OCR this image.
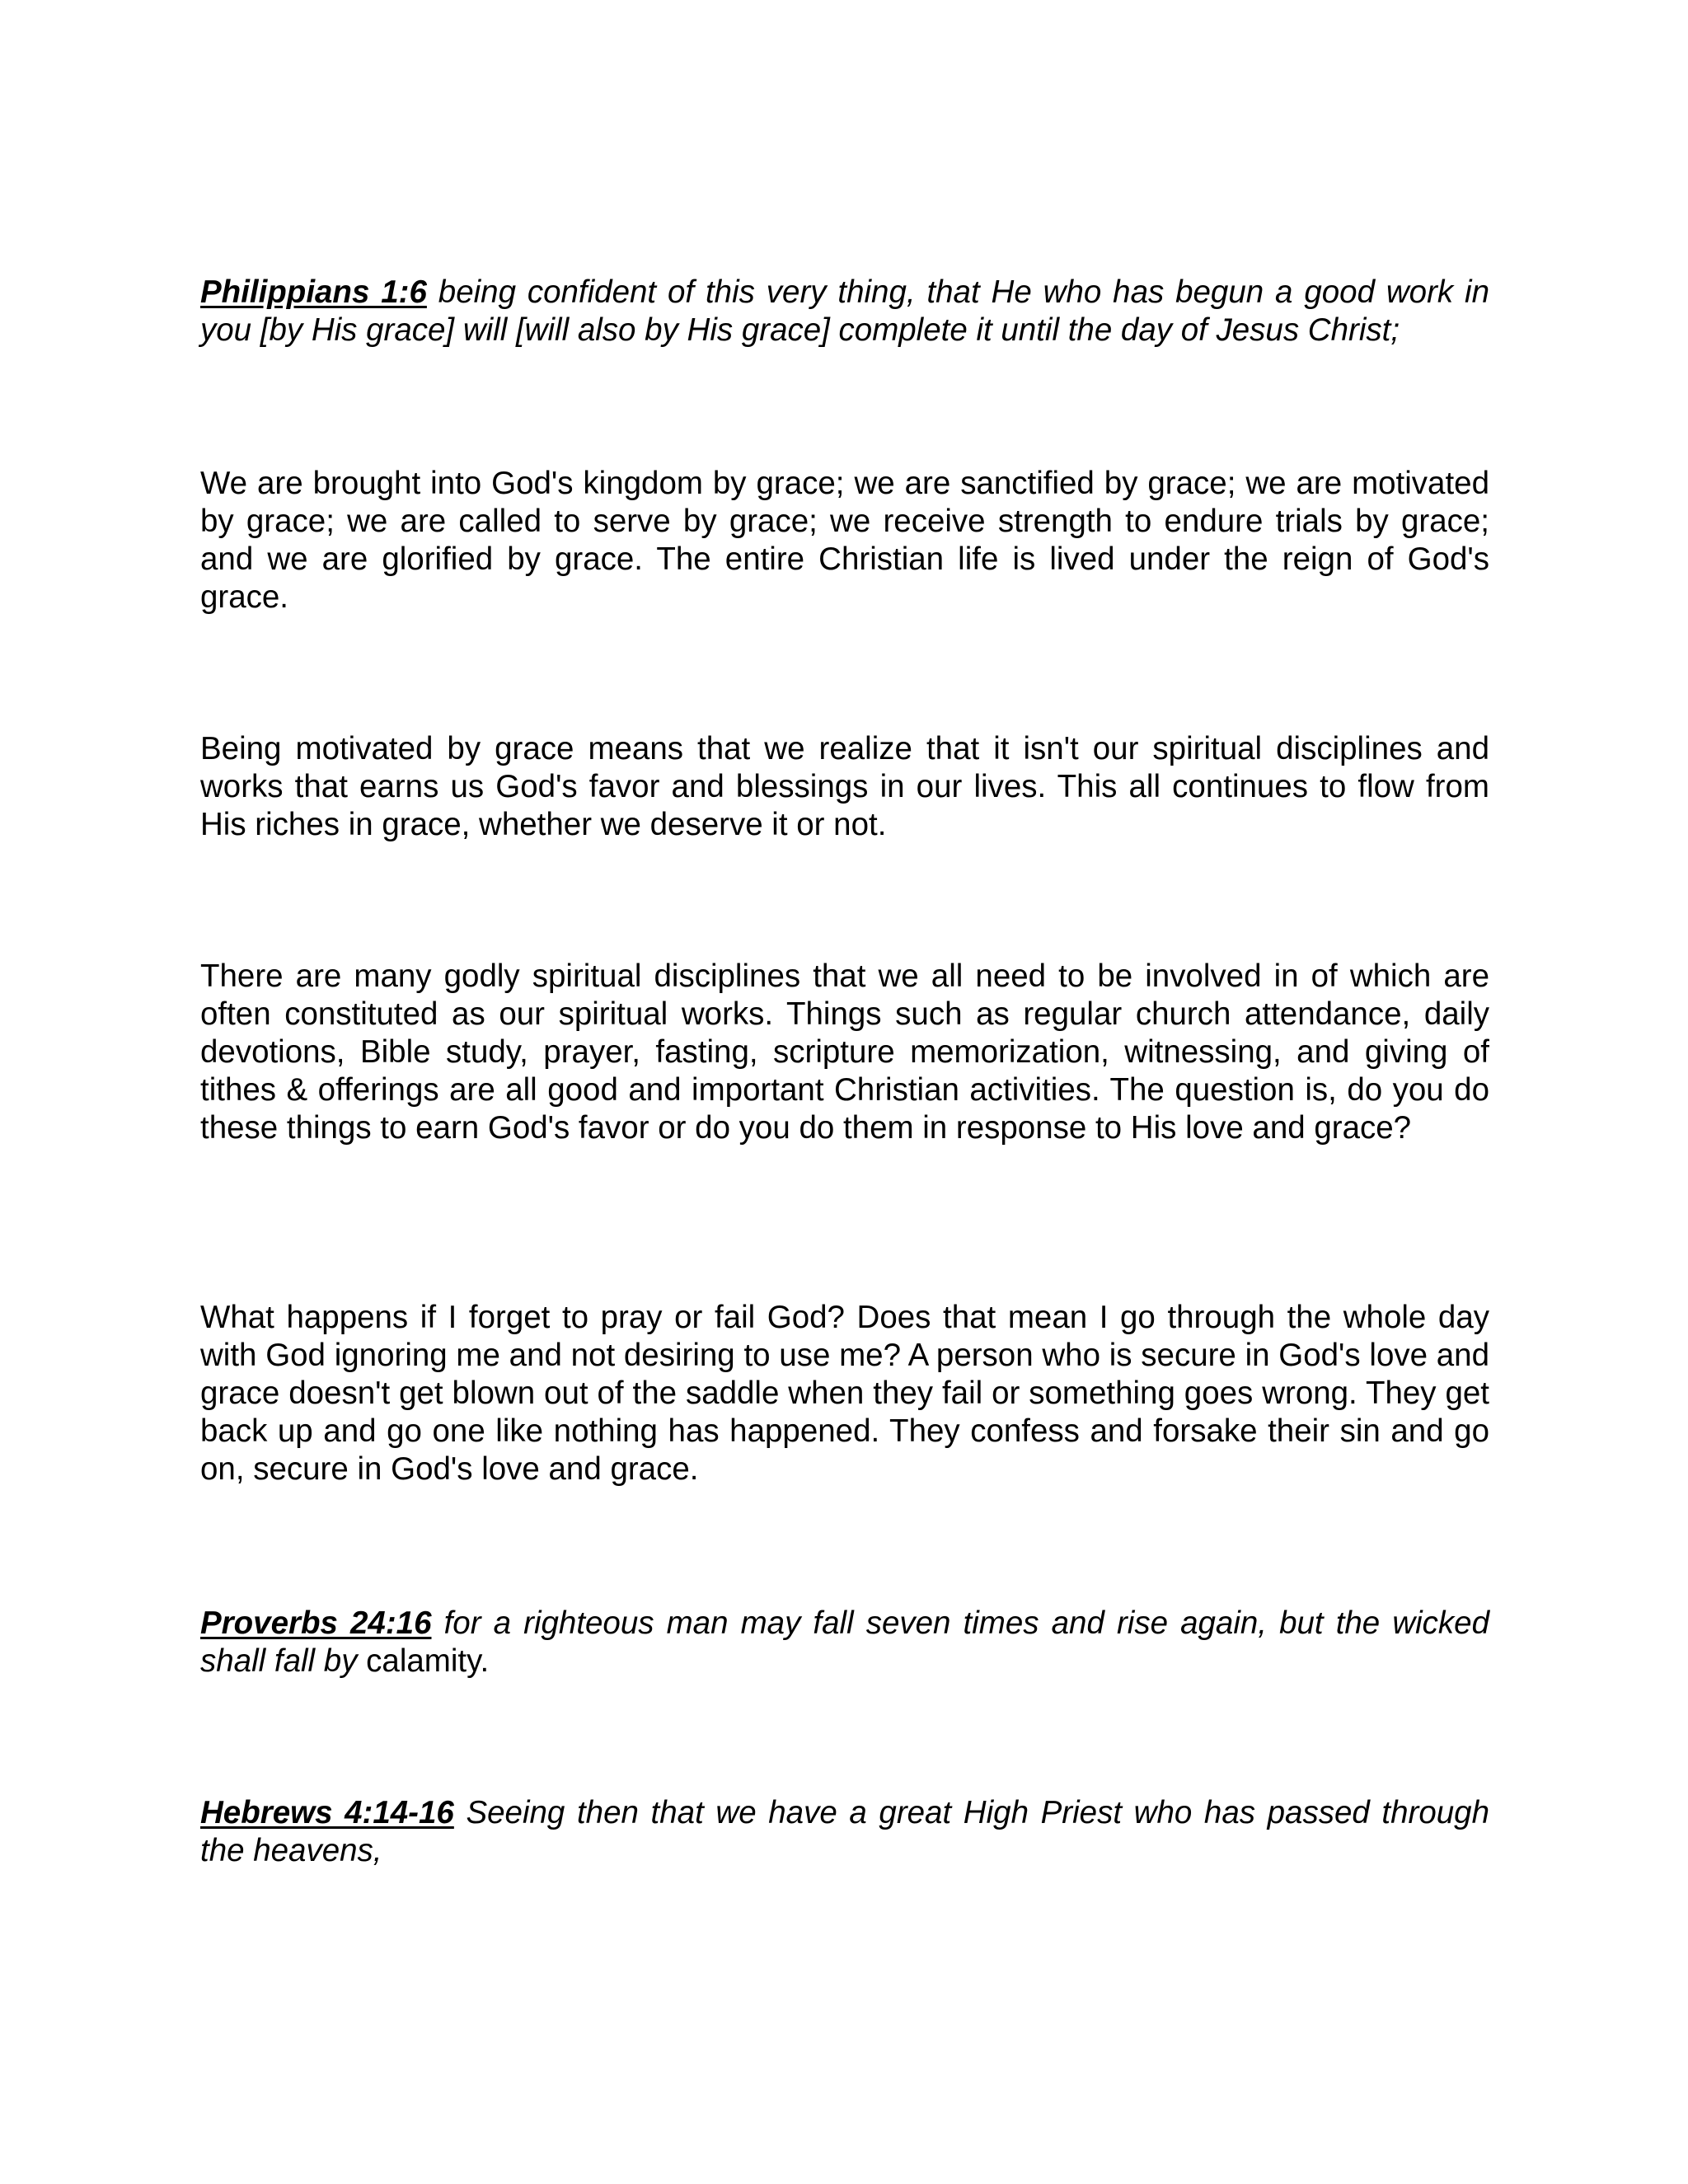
Philippians 1:6 being confident of this very thing, that He who has begun a good work in you [by His grace] will [will also by His grace] complete it until the day of Jesus Christ;

We are brought into God's kingdom by grace; we are sanctified by grace; we are motivated by grace; we are called to serve by grace; we receive strength to endure trials by grace; and we are glorified by grace. The entire Christian life is lived under the reign of God's grace.

Being motivated by grace means that we realize that it isn't our spiritual disciplines and works that earns us God's favor and blessings in our lives. This all continues to flow from His riches in grace, whether we deserve it or not.

There are many godly spiritual disciplines that we all need to be involved in of which are often constituted as our spiritual works. Things such as regular church attendance, daily devotions, Bible study, prayer, fasting, scripture memorization, witnessing, and giving of tithes & offerings are all good and important Christian activities. The question is, do you do these things to earn God's favor or do you do them in response to His love and grace?

What happens if I forget to pray or fail God? Does that mean I go through the whole day with God ignoring me and not desiring to use me? A person who is secure in God's love and grace doesn't get blown out of the saddle when they fail or something goes wrong. They get back up and go one like nothing has happened. They confess and forsake their sin and go on, secure in God's love and grace.

Proverbs 24:16 for a righteous man may fall seven times and rise again, but the wicked shall fall by calamity.

Hebrews 4:14-16 Seeing then that we have a great High Priest who has passed through the heavens,
